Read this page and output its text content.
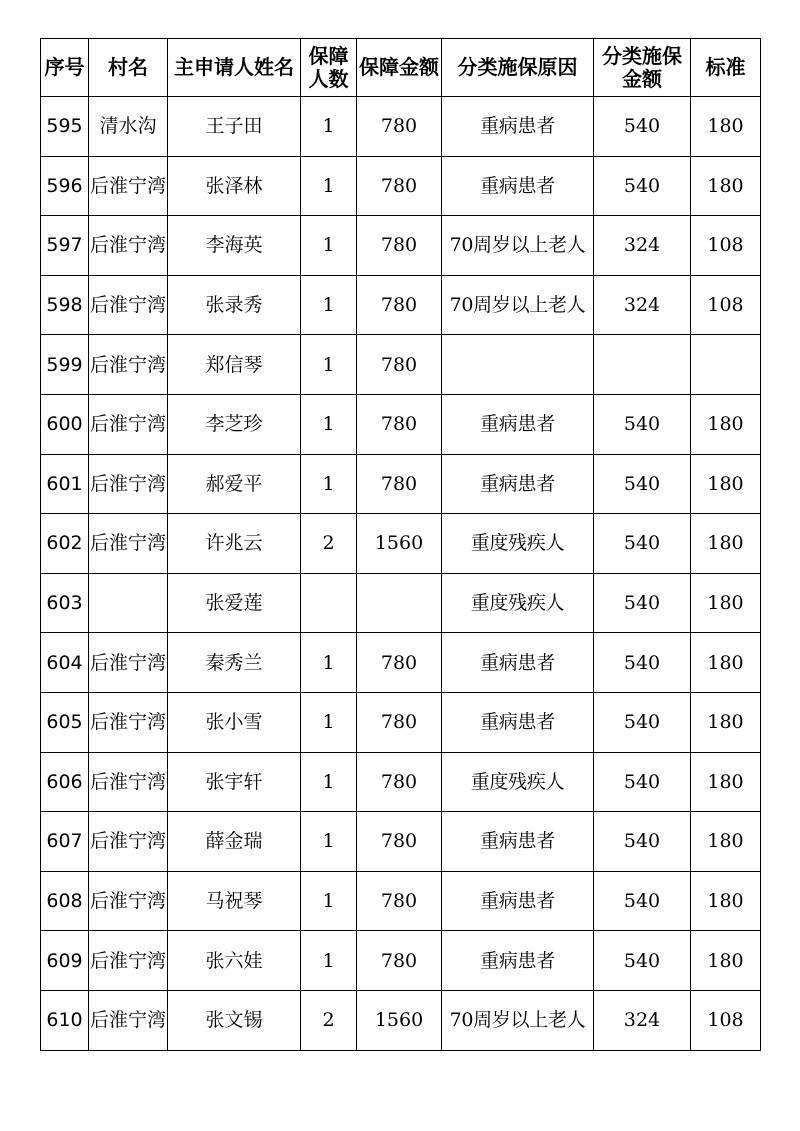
序号	村名	主申请人姓名	保障人数	保障金额	分类施保原因	分类施保金额	标准
595	清水沟	王子田	1	780	重病患者	540	180
596	后淮宁湾	张泽林	1	780	重病患者	540	180
597	后淮宁湾	李海英	1	780	70周岁以上老人	324	108
598	后淮宁湾	张录秀	1	780	70周岁以上老人	324	108
599	后淮宁湾	郑信琴	1	780			
600	后淮宁湾	李芝珍	1	780	重病患者	540	180
601	后淮宁湾	郝爱平	1	780	重病患者	540	180
602	后淮宁湾	许兆云	2	1560	重度残疾人	540	180
603		张爱莲			重度残疾人	540	180
604	后淮宁湾	秦秀兰	1	780	重病患者	540	180
605	后淮宁湾	张小雪	1	780	重病患者	540	180
606	后淮宁湾	张宇轩	1	780	重度残疾人	540	180
607	后淮宁湾	薛金瑞	1	780	重病患者	540	180
608	后淮宁湾	马祝琴	1	780	重病患者	540	180
609	后淮宁湾	张六娃	1	780	重病患者	540	180
610	后淮宁湾	张文锡	2	1560	70周岁以上老人	324	108
